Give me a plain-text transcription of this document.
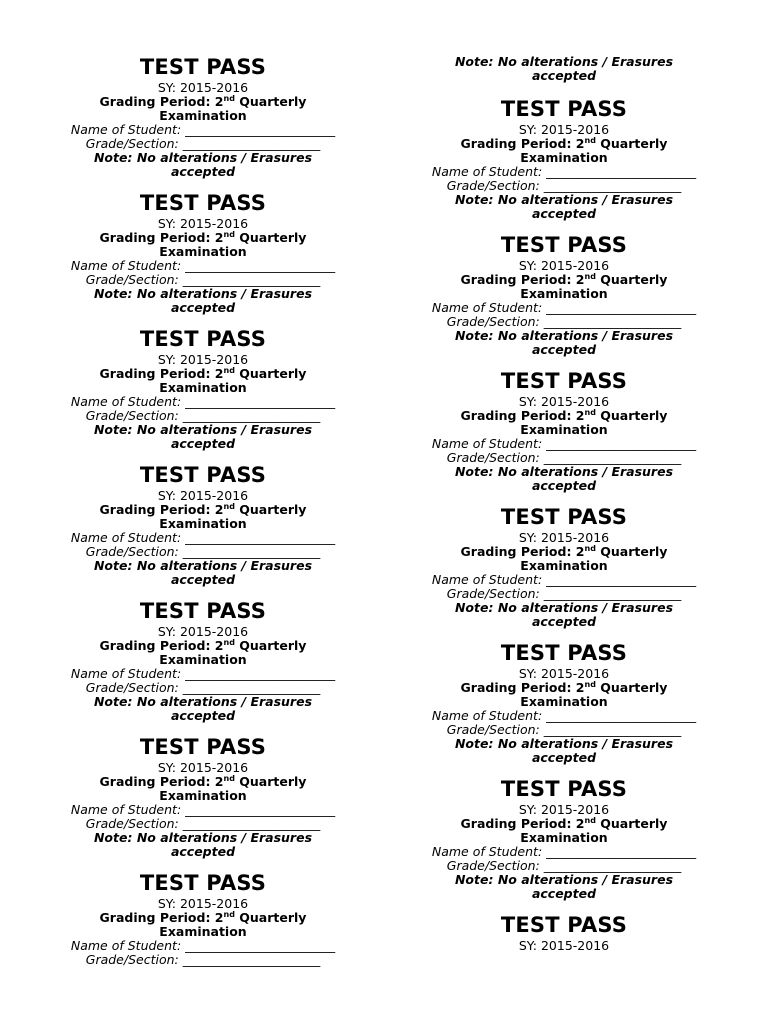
TEST PASS
SY: 2015-2016
Grading Period: 2nd Quarterly
Examination
Name of Student: ________________________
Grade/Section: ______________________
Note: No alterations / Erasures
accepted
TEST PASS
SY: 2015-2016
Grading Period: 2nd Quarterly
Examination
Name of Student: ________________________
Grade/Section: ______________________
Note: No alterations / Erasures
accepted
TEST PASS
SY: 2015-2016
Grading Period: 2nd Quarterly
Examination
Name of Student: ________________________
Grade/Section: ______________________
Note: No alterations / Erasures
accepted
TEST PASS
SY: 2015-2016
Grading Period: 2nd Quarterly
Examination
Name of Student: ________________________
Grade/Section: ______________________
Note: No alterations / Erasures
accepted
TEST PASS
SY: 2015-2016
Grading Period: 2nd Quarterly
Examination
Name of Student: ________________________
Grade/Section: ______________________
Note: No alterations / Erasures
accepted
TEST PASS
SY: 2015-2016
Grading Period: 2nd Quarterly
Examination
Name of Student: ________________________
Grade/Section: ______________________
Note: No alterations / Erasures
accepted
TEST PASS
SY: 2015-2016
Grading Period: 2nd Quarterly
Examination
Name of Student: ________________________
Grade/Section: ______________________
Note: No alterations / Erasures
accepted
TEST PASS
SY: 2015-2016
Grading Period: 2nd Quarterly
Examination
Name of Student: ________________________
Grade/Section: ______________________
Note: No alterations / Erasures
accepted
TEST PASS
SY: 2015-2016
Grading Period: 2nd Quarterly
Examination
Name of Student: ________________________
Grade/Section: ______________________
Note: No alterations / Erasures
accepted
TEST PASS
SY: 2015-2016
Grading Period: 2nd Quarterly
Examination
Name of Student: ________________________
Grade/Section: ______________________
Note: No alterations / Erasures
accepted
TEST PASS
SY: 2015-2016
Grading Period: 2nd Quarterly
Examination
Name of Student: ________________________
Grade/Section: ______________________
Note: No alterations / Erasures
accepted
TEST PASS
SY: 2015-2016
Grading Period: 2nd Quarterly
Examination
Name of Student: ________________________
Grade/Section: ______________________
Note: No alterations / Erasures
accepted
TEST PASS
SY: 2015-2016
Grading Period: 2nd Quarterly
Examination
Name of Student: ________________________
Grade/Section: ______________________
Note: No alterations / Erasures
accepted
TEST PASS
SY: 2015-2016
